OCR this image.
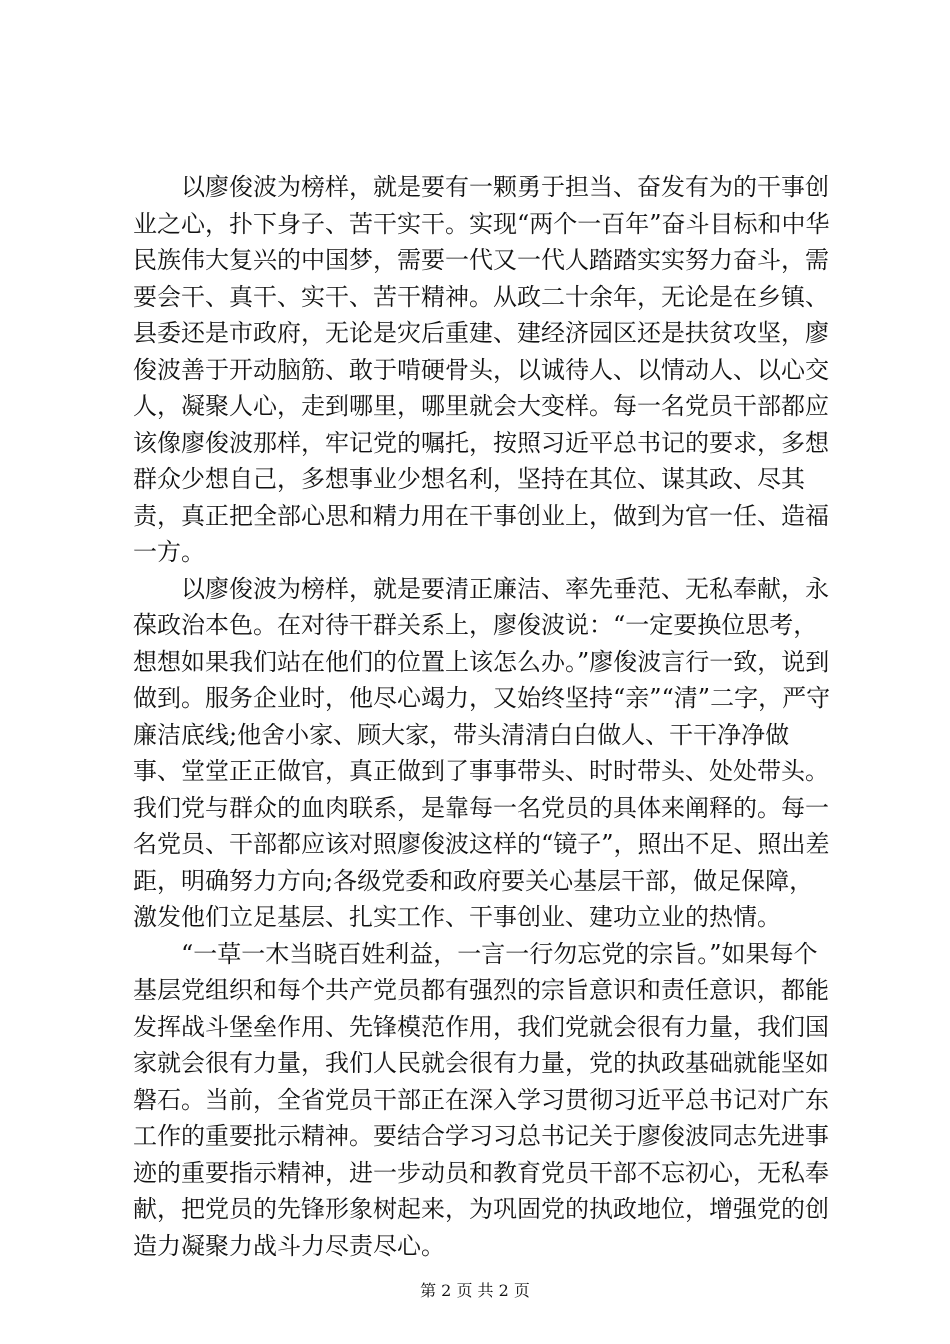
以廖俊波为榜样，就是要有一颗勇于担当、奋发有为的干事创业之心，扑下身子、苦干实干。实现“两个一百年”奋斗目标和中华民族伟大复兴的中国梦，需要一代又一代人踏踏实实努力奋斗，需要会干、真干、实干、苦干精神。从政二十余年，无论是在乡镇、县委还是市政府，无论是灾后重建、建经济园区还是扶贫攻坚，廖俊波善于开动脑筋、敢于啃硬骨头，以诚待人、以情动人、以心交人，凝聚人心，走到哪里，哪里就会大变样。每一名党员干部都应该像廖俊波那样，牢记党的嘱托，按照习近平总书记的要求，多想群众少想自己，多想事业少想名利，坚持在其位、谋其政、尽其责，真正把全部心思和精力用在干事创业上，做到为官一任、造福一方。

以廖俊波为榜样，就是要清正廉洁、率先垂范、无私奉献，永葆政治本色。在对待干群关系上，廖俊波说：“一定要换位思考，想想如果我们站在他们的位置上该怎么办。”廖俊波言行一致，说到做到。服务企业时，他尽心竭力，又始终坚持“亲”“清”二字，严守廉洁底线;他舍小家、顾大家，带头清清白白做人、干干净净做事、堂堂正正做官，真正做到了事事带头、时时带头、处处带头。我们党与群众的血肉联系，是靠每一名党员的具体来阐释的。每一名党员、干部都应该对照廖俊波这样的“镜子”，照出不足、照出差距，明确努力方向;各级党委和政府要关心基层干部，做足保障，激发他们立足基层、扎实工作、干事创业、建功立业的热情。

“一草一木当晓百姓利益，一言一行勿忘党的宗旨。”如果每个基层党组织和每个共产党员都有强烈的宗旨意识和责任意识，都能发挥战斗堡垒作用、先锋模范作用，我们党就会很有力量，我们国家就会很有力量，我们人民就会很有力量，党的执政基础就能坚如磐石。当前，全省党员干部正在深入学习贯彻习近平总书记对广东工作的重要批示精神。要结合学习习总书记关于廖俊波同志先进事迹的重要指示精神，进一步动员和教育党员干部不忘初心，无私奉献，把党员的先锋形象树起来，为巩固党的执政地位，增强党的创造力凝聚力战斗力尽责尽心。

第 2 页 共 2 页
